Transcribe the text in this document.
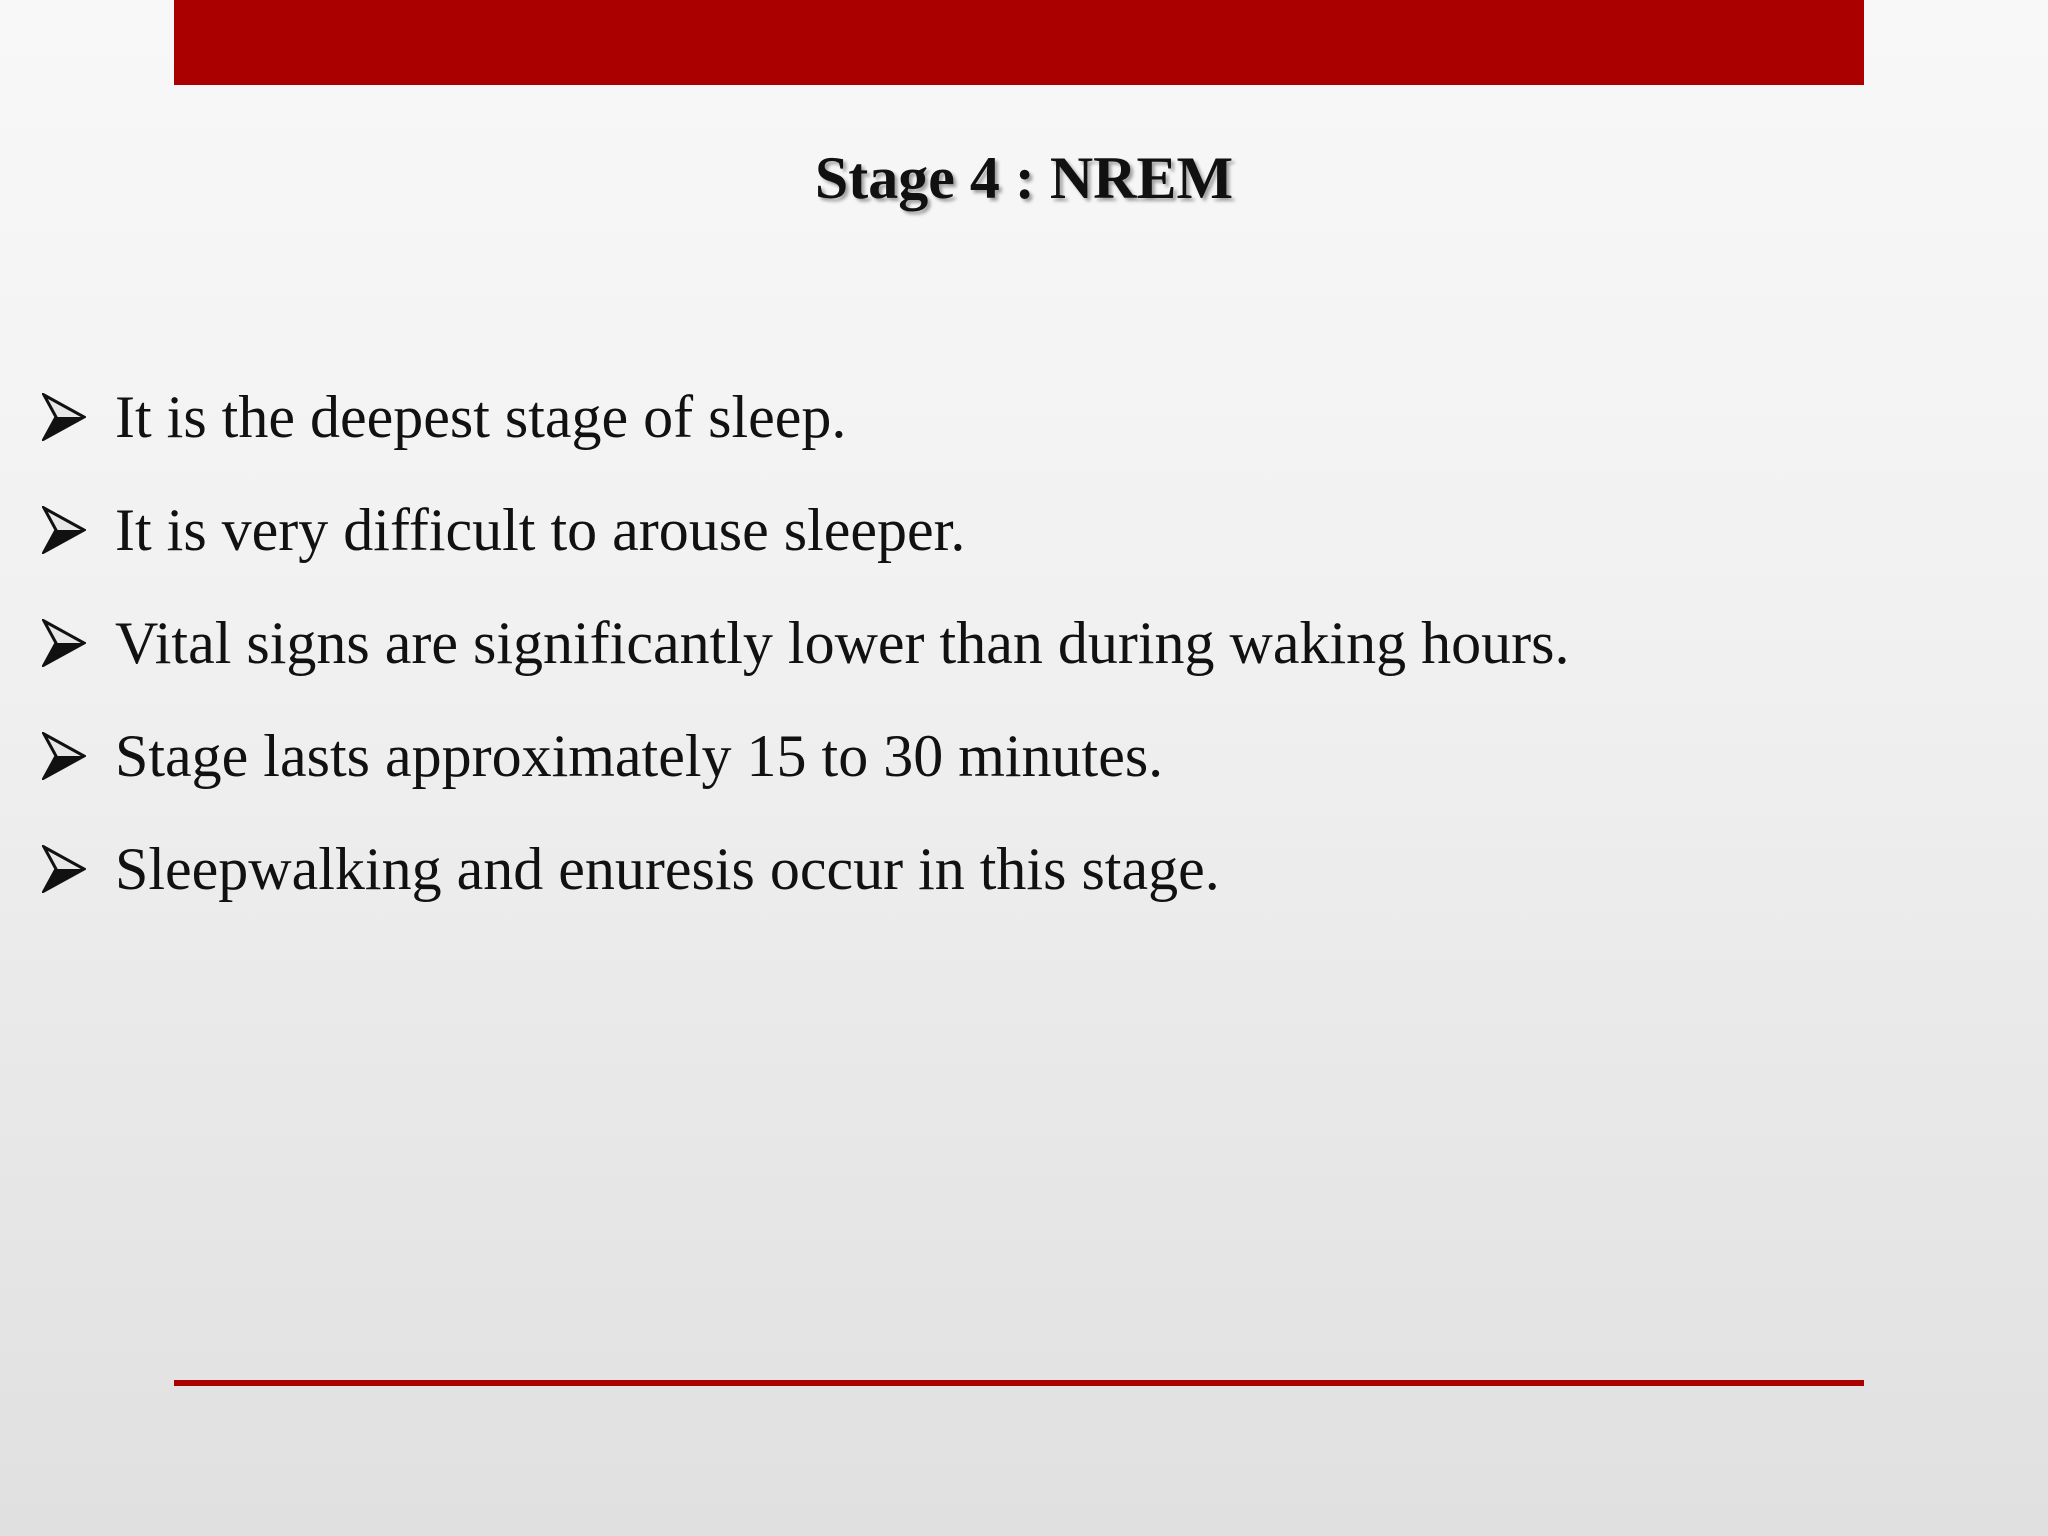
Stage 4 : NREM
It is the deepest stage of sleep.
It is very difficult to arouse sleeper.
Vital signs are significantly lower than during waking hours.
Stage lasts approximately 15 to 30 minutes.
Sleepwalking and enuresis occur in this stage.
